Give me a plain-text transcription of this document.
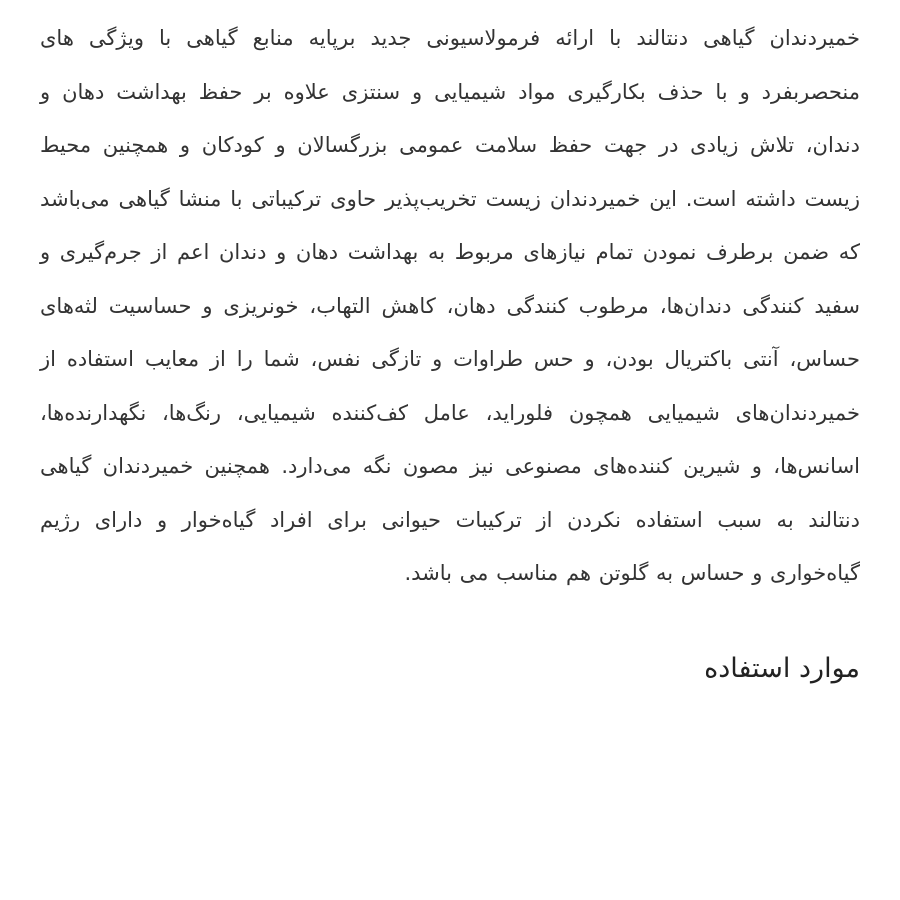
خمیردندان گیاهی دنتالند با ارائه فرمولاسیونی جدید برپایه منابع گیاهی با ویژگی های منحصربفرد و با حذف بکارگیری مواد شیمیایی و سنتزی علاوه بر حفظ بهداشت دهان و دندان، تلاش زیادی در جهت حفظ سلامت عمومی بزرگسالان و کودکان و همچنین محیط زیست داشته است. این خمیردندان زیست تخریب‌پذیر حاوی ترکیباتی با منشا گیاهی می‌باشد که ضمن برطرف نمودن تمام نیازهای مربوط به بهداشت دهان و دندان اعم از جرم‌گیری و سفید کنندگی دندان‌ها، مرطوب کنندگی دهان، کاهش التهاب، خونریزی و حساسیت لثه‌های حساس، آنتی باکتریال بودن، و حس طراوات و تازگی نفس، شما را از معایب استفاده از خمیردندان‌های شیمیایی همچون فلوراید، عامل کف‌کننده شیمیایی، رنگ‌ها، نگهدارنده‌ها، اسانس‌ها، و شیرین کننده‌های مصنوعی نیز مصون نگه می‌دارد. همچنین خمیردندان گیاهی دنتالند به سبب استفاده نکردن از ترکیبات حیوانی برای افراد گیاه‌خوار و دارای رژیم گیاه‌خواری و حساس به گلوتن هم مناسب می باشد.

موارد استفاده
